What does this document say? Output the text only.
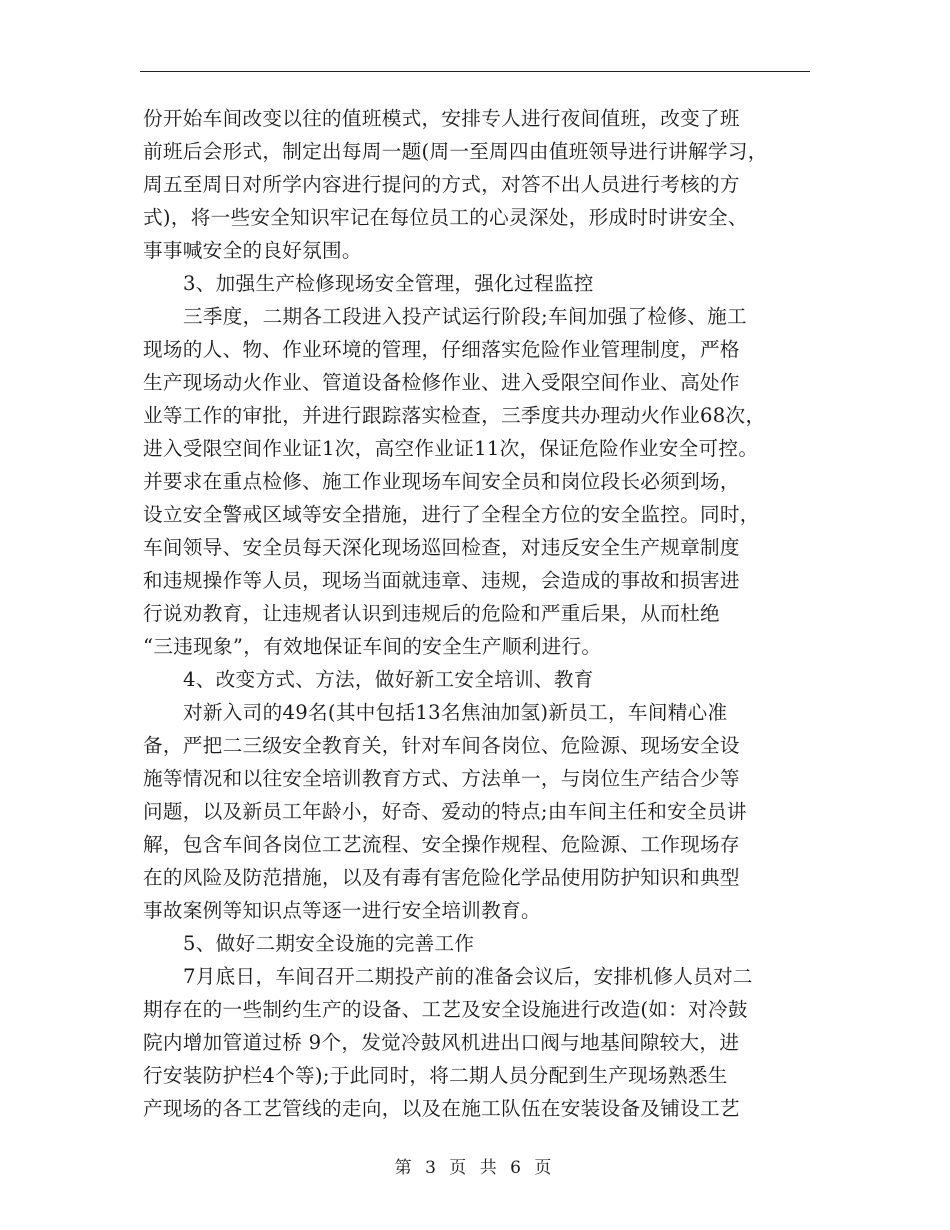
份开始车间改变以往的值班模式，安排专人进行夜间值班，改变了班
前班后会形式，制定出每周一题(周一至周四由值班领导进行讲解学习，
周五至周日对所学内容进行提问的方式，对答不出人员进行考核的方
式)，将一些安全知识牢记在每位员工的心灵深处，形成时时讲安全、
事事喊安全的良好氛围。
3、加强生产检修现场安全管理，强化过程监控
三季度，二期各工段进入投产试运行阶段;车间加强了检修、施工
现场的人、物、作业环境的管理，仔细落实危险作业管理制度，严格
生产现场动火作业、管道设备检修作业、进入受限空间作业、高处作
业等工作的审批，并进行跟踪落实检查，三季度共办理动火作业68次，
进入受限空间作业证1次，高空作业证11次，保证危险作业安全可控。
并要求在重点检修、施工作业现场车间安全员和岗位段长必须到场，
设立安全警戒区域等安全措施，进行了全程全方位的安全监控。同时，
车间领导、安全员每天深化现场巡回检查，对违反安全生产规章制度
和违规操作等人员，现场当面就违章、违规，会造成的事故和损害进
行说劝教育，让违规者认识到违规后的危险和严重后果，从而杜绝
“三违现象”，有效地保证车间的安全生产顺利进行。
4、改变方式、方法，做好新工安全培训、教育
对新入司的49名(其中包括13名焦油加氢)新员工，车间精心准
备，严把二三级安全教育关，针对车间各岗位、危险源、现场安全设
施等情况和以往安全培训教育方式、方法单一，与岗位生产结合少等
问题，以及新员工年龄小，好奇、爱动的特点;由车间主任和安全员讲
解，包含车间各岗位工艺流程、安全操作规程、危险源、工作现场存
在的风险及防范措施，以及有毒有害危险化学品使用防护知识和典型
事故案例等知识点等逐一进行安全培训教育。
5、做好二期安全设施的完善工作
7月底日，车间召开二期投产前的准备会议后，安排机修人员对二
期存在的一些制约生产的设备、工艺及安全设施进行改造(如：对冷鼓
院内增加管道过桥 9个，发觉冷鼓风机进出口阀与地基间隙较大，进
行安装防护栏4个等);于此同时，将二期人员分配到生产现场熟悉生
产现场的各工艺管线的走向，以及在施工队伍在安装设备及铺设工艺
第 3 页 共 6 页
